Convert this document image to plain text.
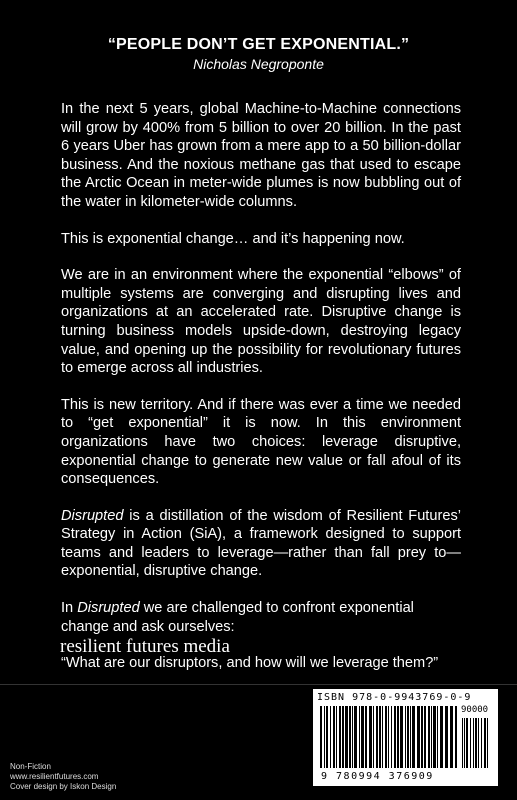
“PEOPLE DON’T GET EXPONENTIAL.”
Nicholas Negroponte

In the next 5 years, global Machine-to-Machine connections will grow by 400% from 5 billion to over 20 billion. In the past 6 years Uber has grown from a mere app to a 50 billion-dollar business. And the noxious methane gas that used to escape the Arctic Ocean in meter-wide plumes is now bubbling out of the water in kilometer-wide columns.

This is exponential change… and it’s happening now.

We are in an environment where the exponential “elbows” of multiple systems are converging and disrupting lives and organizations at an accelerated rate. Disruptive change is turning business models upside-down, destroying legacy value, and opening up the possibility for revolutionary futures to emerge across all industries.

This is new territory. And if there was ever a time we needed to “get exponential” it is now. In this environment organizations have two choices: leverage disruptive, exponential change to generate new value or fall afoul of its consequences.

Disrupted is a distillation of the wisdom of Resilient Futures’ Strategy in Action (SiA), a framework designed to support teams and leaders to leverage—rather than fall prey to— exponential, disruptive change.

In Disrupted we are challenged to confront exponential change and ask ourselves:

“What are our disruptors, and how will we leverage them?”

resilient futures media
Non-Fiction
www.resilientfutures.com
Cover design by Iskon Design
ISBN 978-0-9943769-0-9
90000
9 780994 376909
